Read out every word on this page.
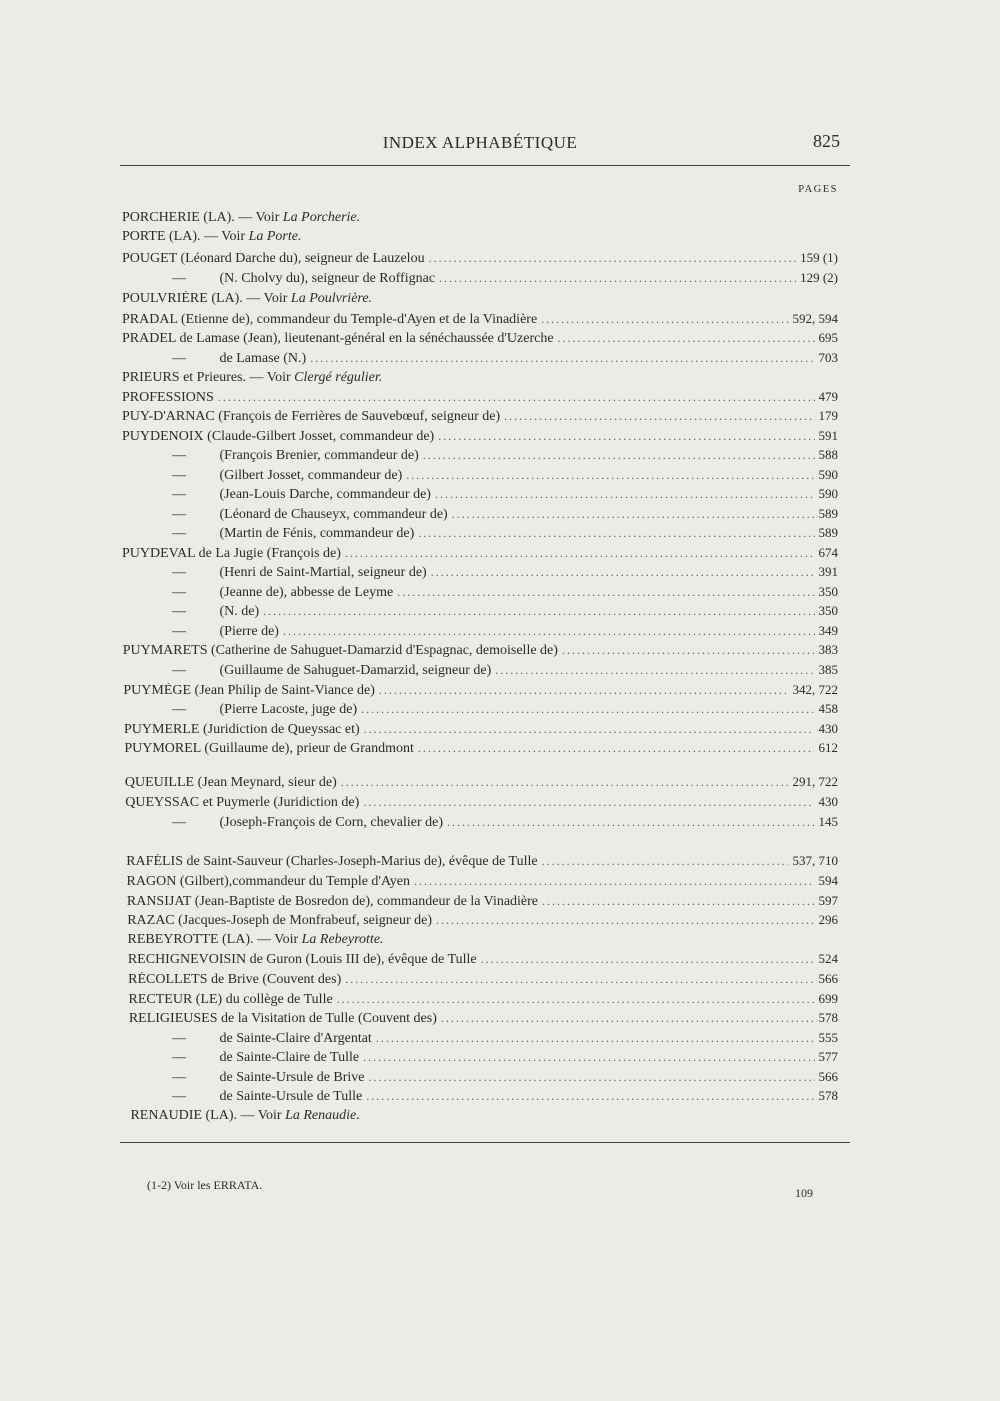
INDEX ALPHABÉTIQUE	825
PAGES
PORCHERIE (LA). — Voir La Porcherie.
PORTE (LA). — Voir La Porte.
POUGET (Léonard Darche du), seigneur de Lauzelou .....	159 (1)
— (N. Cholvy du), seigneur de Roffignac .....	129 (2)
POULVRIÈRE (LA). — Voir La Poulvrière.
PRADAL (Etienne de), commandeur du Temple-d'Ayen et de la Vinadière .....	592, 594
PRADEL de Lamase (Jean), lieutenant-général en la sénéchaussée d'Uzerche .....	695
— de Lamase (N.) .....	703
PRIEURS et Prieures. — Voir Clergé régulier.
PROFESSIONS .....	479
PUY-D'ARNAC (François de Ferrières de Sauvebœuf, seigneur de) .....	179
PUYDENOIX (Claude-Gilbert Josset, commandeur de) .....	591
— (François Brenier, commandeur de) .....	588
— (Gilbert Josset, commandeur de) .....	590
— (Jean-Louis Darche, commandeur de) .....	590
— (Léonard de Chauseyx, commandeur de) .....	589
— (Martin de Fénis, commandeur de) .....	589
PUYDEVAL de La Jugie (François de) .....	674
— (Henri de Saint-Martial, seigneur de) .....	391
— (Jeanne de), abbesse de Leyme .....	350
— (N. de) .....	350
— (Pierre de) .....	349
PUYMARETS (Catherine de Sahuguet-Damarzid d'Espagnac, demoiselle de) .....	383
— (Guillaume de Sahuguet-Damarzid, seigneur de) .....	385
PUYMÈGE (Jean Philip de Saint-Viance de) .....	342, 722
— (Pierre Lacoste, juge de) .....	458
PUYMERLE (Juridiction de Queyssac et) .....	430
PUYMOREL (Guillaume de), prieur de Grandmont .....	612
QUEUILLE (Jean Meynard, sieur de) .....	291, 722
QUEYSSAC et Puymerle (Juridiction de) .....	430
— (Joseph-François de Corn, chevalier de) .....	145
RAFÉLIS de Saint-Sauveur (Charles-Joseph-Marius de), évêque de Tulle .....	537, 710
RAGON (Gilbert),commandeur du Temple d'Ayen .....	594
RANSIJAT (Jean-Baptiste de Bosredon de), commandeur de la Vinadière .....	597
RAZAC (Jacques-Joseph de Monfrabeuf, seigneur de) .....	296
REBEYROTTE (LA). — Voir La Rebeyrotte.
RECHIGNEVOISIN de Guron (Louis III de), évêque de Tulle .....	524
RÉCOLLETS de Brive (Couvent des) .....	566
RECTEUR (LE) du collège de Tulle .....	699
RELIGIEUSES de la Visitation de Tulle (Couvent des) .....	578
— de Sainte-Claire d'Argentat .....	555
— de Sainte-Claire de Tulle .....	577
— de Sainte-Ursule de Brive .....	566
— de Sainte-Ursule de Tulle .....	578
RENAUDIE (LA). — Voir La Renaudie.
(1-2) Voir les ERRATA.
109
